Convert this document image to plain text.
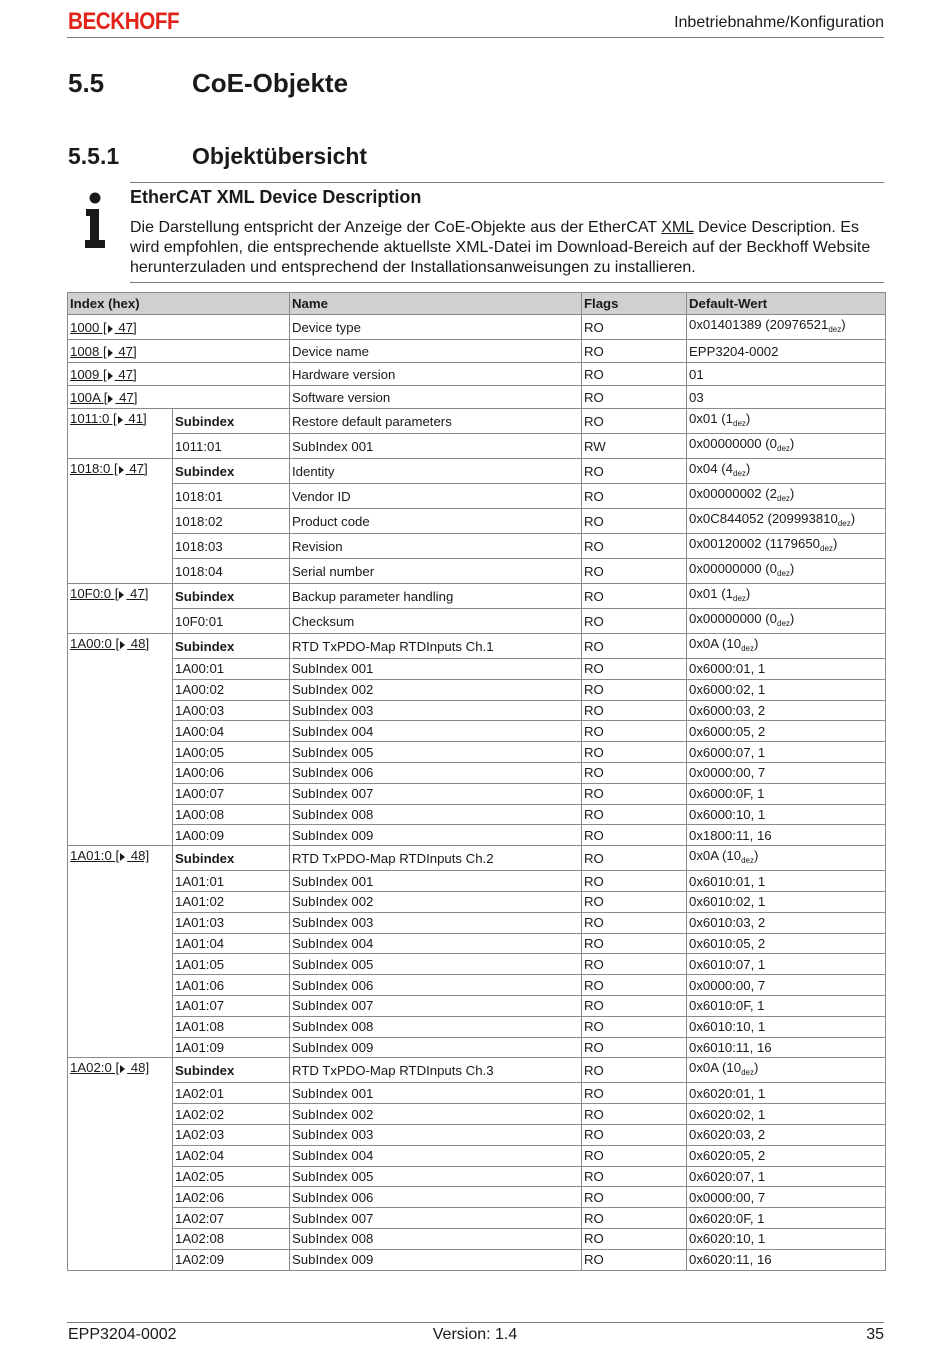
BECKHOFF	Inbetriebnahme/Konfiguration
5.5	CoE-Objekte
5.5.1	Objektübersicht
EtherCAT XML Device Description
Die Darstellung entspricht der Anzeige der CoE-Objekte aus der EtherCAT XML Device Description. Es wird empfohlen, die entsprechende aktuellste XML-Datei im Download-Bereich auf der Beckhoff Website herunterzuladen und entsprechend der Installationsanweisungen zu installieren.
Index (hex)		Name	Flags	Default-Wert
1000 [ 47]		Device type	RO	0x01401389 $(20976521_{dez})$
1008 [ 47]		Device name	RO	EPP3204-0002
1009 [ 47]		Hardware version	RO	01
100A [ 47]		Software version	RO	03
1011:0 [ 41]	Subindex	Restore default parameters	RO	0x01 $(1_{dez})$
	1011:01	SubIndex 001	RW	0x00000000 $(0_{dez})$
1018:0 [ 47]	Subindex	Identity	RO	0x04 $(4_{dez})$
	1018:01	Vendor ID	RO	0x00000002 $(2_{dez})$
	1018:02	Product code	RO	0x0C844052 $(209993810_{dez})$
	1018:03	Revision	RO	0x00120002 $(1179650_{dez})$
	1018:04	Serial number	RO	0x00000000 $(0_{dez})$
10F0:0 [ 47]	Subindex	Backup parameter handling	RO	0x01 $(1_{dez})$
	10F0:01	Checksum	RO	0x00000000 $(0_{dez})$
1A00:0 [ 48]	Subindex	RTD TxPDO-Map RTDInputs Ch.1	RO	0x0A $(10_{dez})$
	1A00:01	SubIndex 001	RO	0x6000:01, 1
	1A00:02	SubIndex 002	RO	0x6000:02, 1
	1A00:03	SubIndex 003	RO	0x6000:03, 2
	1A00:04	SubIndex 004	RO	0x6000:05, 2
	1A00:05	SubIndex 005	RO	0x6000:07, 1
	1A00:06	SubIndex 006	RO	0x0000:00, 7
	1A00:07	SubIndex 007	RO	0x6000:0F, 1
	1A00:08	SubIndex 008	RO	0x6000:10, 1
	1A00:09	SubIndex 009	RO	0x1800:11, 16
1A01:0 [ 48]	Subindex	RTD TxPDO-Map RTDInputs Ch.2	RO	0x0A $(10_{dez})$
	1A01:01	SubIndex 001	RO	0x6010:01, 1
	1A01:02	SubIndex 002	RO	0x6010:02, 1
	1A01:03	SubIndex 003	RO	0x6010:03, 2
	1A01:04	SubIndex 004	RO	0x6010:05, 2
	1A01:05	SubIndex 005	RO	0x6010:07, 1
	1A01:06	SubIndex 006	RO	0x0000:00, 7
	1A01:07	SubIndex 007	RO	0x6010:0F, 1
	1A01:08	SubIndex 008	RO	0x6010:10, 1
	1A01:09	SubIndex 009	RO	0x6010:11, 16
1A02:0 [ 48]	Subindex	RTD TxPDO-Map RTDInputs Ch.3	RO	0x0A $(10_{dez})$
	1A02:01	SubIndex 001	RO	0x6020:01, 1
	1A02:02	SubIndex 002	RO	0x6020:02, 1
	1A02:03	SubIndex 003	RO	0x6020:03, 2
	1A02:04	SubIndex 004	RO	0x6020:05, 2
	1A02:05	SubIndex 005	RO	0x6020:07, 1
	1A02:06	SubIndex 006	RO	0x0000:00, 7
	1A02:07	SubIndex 007	RO	0x6020:0F, 1
	1A02:08	SubIndex 008	RO	0x6020:10, 1
	1A02:09	SubIndex 009	RO	0x6020:11, 16
EPP3204-0002	Version: 1.4	35
